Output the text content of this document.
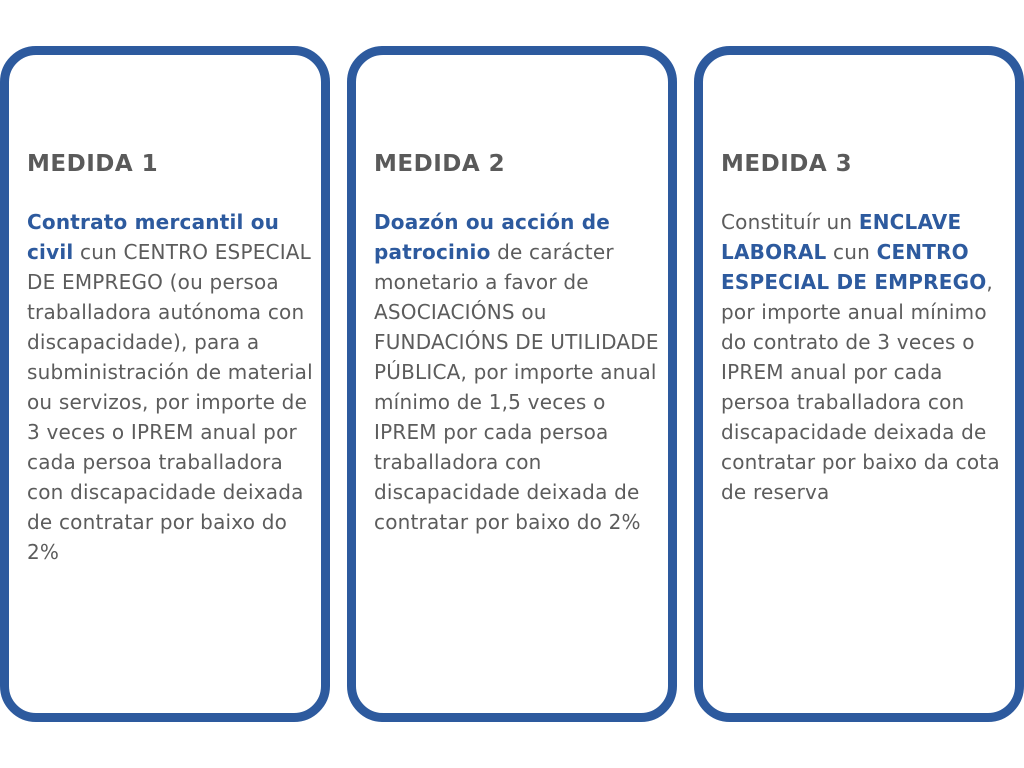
MEDIDA 1

Contrato mercantil ou civil cun CENTRO ESPECIAL DE EMPREGO (ou persoa traballadora autónoma con discapacidade), para a subministración de material ou servizos, por importe de 3 veces o IPREM anual por cada persoa traballadora con discapacidade deixada de contratar por baixo do 2%

MEDIDA 2

Doazón ou acción de patrocinio de carácter monetario a favor de ASOCIACIÓNS ou FUNDACIÓNS DE UTILIDADE PÚBLICA, por importe anual mínimo de 1,5 veces o IPREM por cada persoa traballadora con discapacidade deixada de contratar por baixo do 2%

MEDIDA 3

Constituír un ENCLAVE LABORAL cun CENTRO ESPECIAL DE EMPREGO, por importe anual mínimo do contrato de 3 veces o IPREM anual por cada persoa traballadora con discapacidade deixada de contratar por baixo da cota de reserva
